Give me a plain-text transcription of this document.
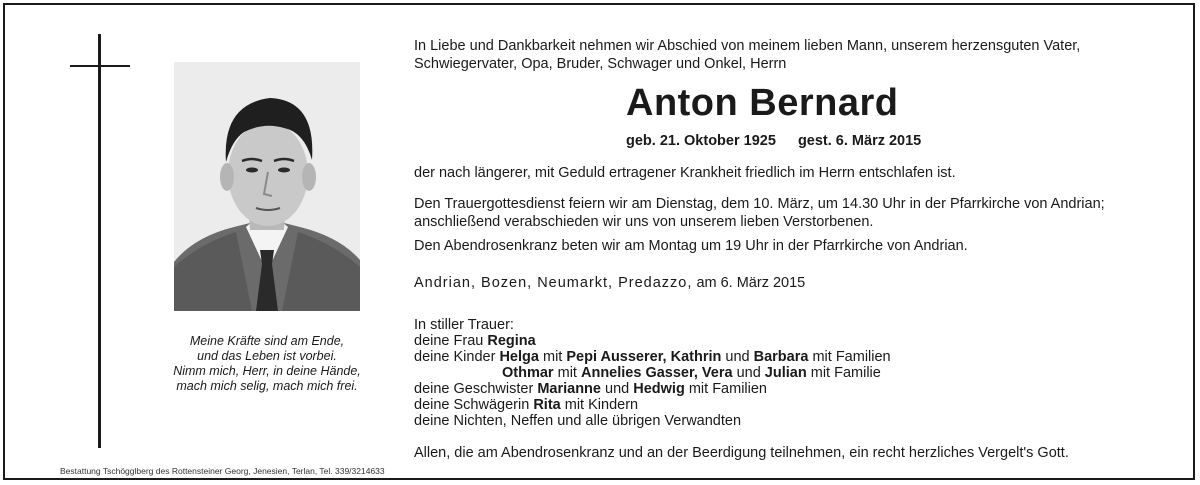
Meine Kräfte sind am Ende,
und das Leben ist vorbei.
Nimm mich, Herr, in deine Hände,
mach mich selig, mach mich frei.
Bestattung Tschögglberg des Rottensteiner Georg, Jenesien, Terlan, Tel. 339/3214633
In Liebe und Dankbarkeit nehmen wir Abschied von meinem lieben Mann, unserem herzensguten Vater,
Schwiegervater, Opa, Bruder, Schwager und Onkel, Herrn
Anton Bernard
geb. 21. Oktober 1925 gest. 6. März 2015
der nach längerer, mit Geduld ertragener Krankheit friedlich im Herrn entschlafen ist.
Den Trauergottesdienst feiern wir am Dienstag, dem 10. März, um 14.30 Uhr in der Pfarrkirche von Andrian;
anschließend verabschieden wir uns von unserem lieben Verstorbenen.
Den Abendrosenkranz beten wir am Montag um 19 Uhr in der Pfarrkirche von Andrian.
Andrian, Bozen, Neumarkt, Predazzo, am 6. März 2015
In stiller Trauer:
deine Frau Regina
deine Kinder Helga mit Pepi Ausserer, Kathrin und Barbara mit Familien
Othmar mit Annelies Gasser, Vera und Julian mit Familie
deine Geschwister Marianne und Hedwig mit Familien
deine Schwägerin Rita mit Kindern
deine Nichten, Neffen und alle übrigen Verwandten
Allen, die am Abendrosenkranz und an der Beerdigung teilnehmen, ein recht herzliches Vergelt's Gott.
